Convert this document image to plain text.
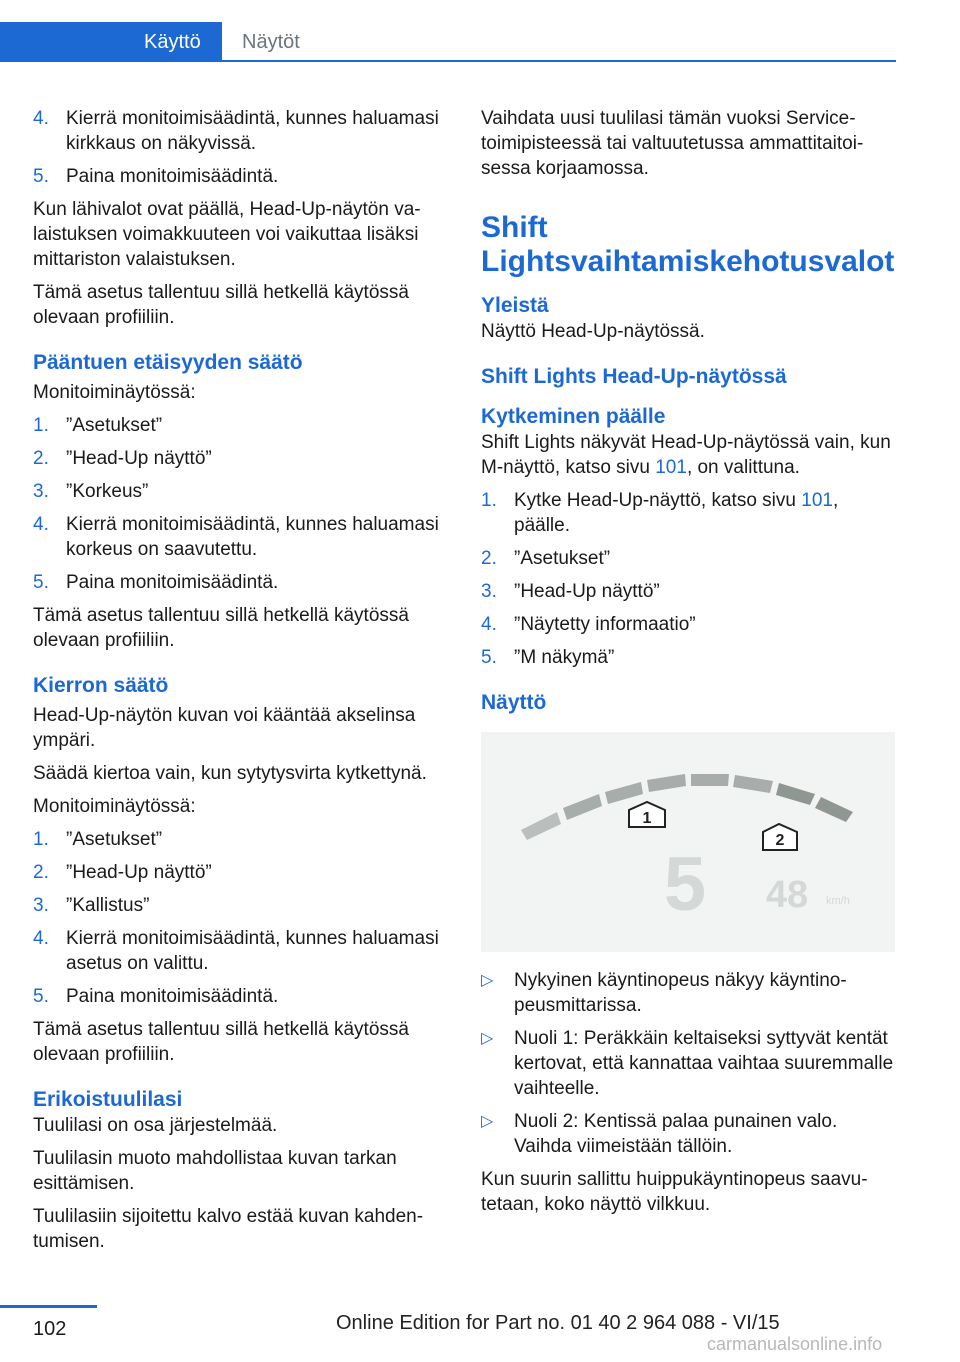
Käyttö	Näytöt
4. Kierrä monitoimisäädintä, kunnes haluamasi kirkkaus on näkyvissä.
5. Paina monitoimisäädintä.

Kun lähivalot ovat päällä, Head-Up-näytön valaistuksen voimakkuuteen voi vaikuttaa lisäksi mittariston valaistuksen.

Tämä asetus tallentuu sillä hetkellä käytössä olevaan profiiliin.

Pääntuen etäisyyden säätö

Monitoiminäytössä:

1. ”Asetukset”
2. ”Head-Up näyttö”
3. ”Korkeus”
4. Kierrä monitoimisäädintä, kunnes haluamasi korkeus on saavutettu.
5. Paina monitoimisäädintä.

Tämä asetus tallentuu sillä hetkellä käytössä olevaan profiiliin.

Kierron säätö

Head-Up-näytön kuvan voi kääntää akselinsa ympäri.

Säädä kiertoa vain, kun sytytysvirta kytkettynä.

Monitoiminäytössä:

1. ”Asetukset”
2. ”Head-Up näyttö”
3. ”Kallistus”
4. Kierrä monitoimisäädintä, kunnes haluamasi asetus on valittu.
5. Paina monitoimisäädintä.

Tämä asetus tallentuu sillä hetkellä käytössä olevaan profiiliin.

Erikoistuulilasi

Tuulilasi on osa järjestelmää.

Tuulilasin muoto mahdollistaa kuvan tarkan esittämisen.

Tuulilasiin sijoitettu kalvo estää kuvan kahdentumisen.

Vaihdata uusi tuulilasi tämän vuoksi Service-toimipisteessä tai valtuutetussa ammattitaitoisessa korjaamossa.

Shift Lightsvaihtamiskehotusvalot
Yleistä

Näyttö Head-Up-näytössä.

Shift Lights Head-Up-näytössä
Kytkeminen päälle

Shift Lights näkyvät Head-Up-näytössä vain, kun M-näyttö, katso sivu 101, on valittuna.

1. Kytke Head-Up-näyttö, katso sivu 101, päälle.
2. ”Asetukset”
3. ”Head-Up näyttö”
4. ”Näytetty informaatio”
5. ”M näkymä”
Näyttö
1
2
5 48 km/h
▷ Nykyinen käyntinopeus näkyy käyntinopeusmittarissa.
▷ Nuoli 1: Peräkkäin keltaiseksi syttyvät kentät kertovat, että kannattaa vaihtaa suuremmalle vaihteelle.
▷ Nuoli 2: Kentissä palaa punainen valo. Vaihda viimeistään tällöin.

Kun suurin sallittu huippukäyntinopeus saavutetaan, koko näyttö vilkkuu.

102	Online Edition for Part no. 01 40 2 964 088 - VI/15
carmanualsonline.info
